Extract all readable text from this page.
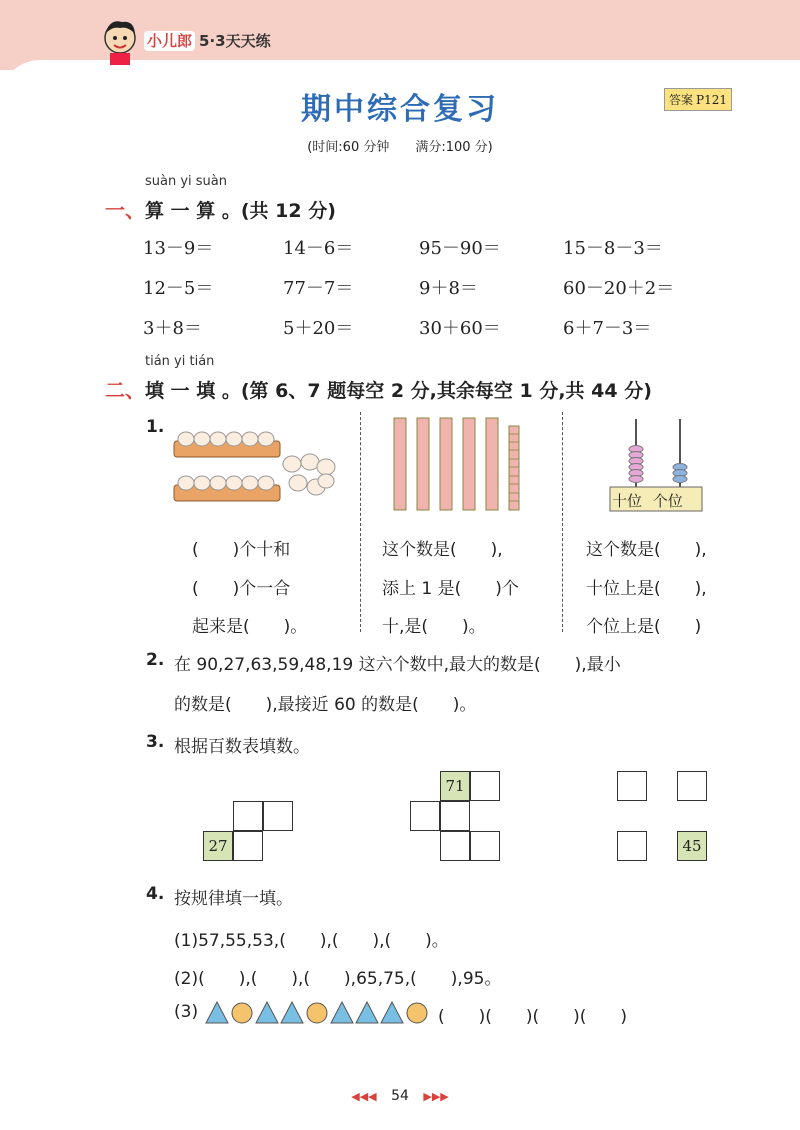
小儿郎 5·3天天练
期中综合复习	答案 P121
(时间:60 分钟　　满分:100 分)
suàn yi suàn
一、算 一 算 。(共 12 分)
13－9＝	14－6＝	95－90＝	15－8－3＝
12－5＝	77－7＝	9＋8＝	60－20＋2＝
3＋8＝	5＋20＝	30＋60＝	6＋7－3＝
tián yi tián
二、填 一 填 。(第 6、7 题每空 2 分,其余每空 1 分,共 44 分)
1.
十位 个位
(　　)个十和
(　　)个一合
起来是(　　)。
这个数是(　　),
添上 1 是(　　)个
十,是(　　)。
这个数是(　　),
十位上是(　　),
个位上是(　　)
2. 在 90,27,63,59,48,19 这六个数中,最大的数是(　　),最小
的数是(　　),最接近 60 的数是(　　)。
3. 根据百数表填数。
27
71
45
4. 按规律填一填。
(1)57,55,53,(　　),(　　),(　　)。
(2)(　　),(　　),(　　),65,75,(　　),95。
(3)	(　　)(　　)(　　)(　　)
◀◀◀ 54 ▶▶▶
